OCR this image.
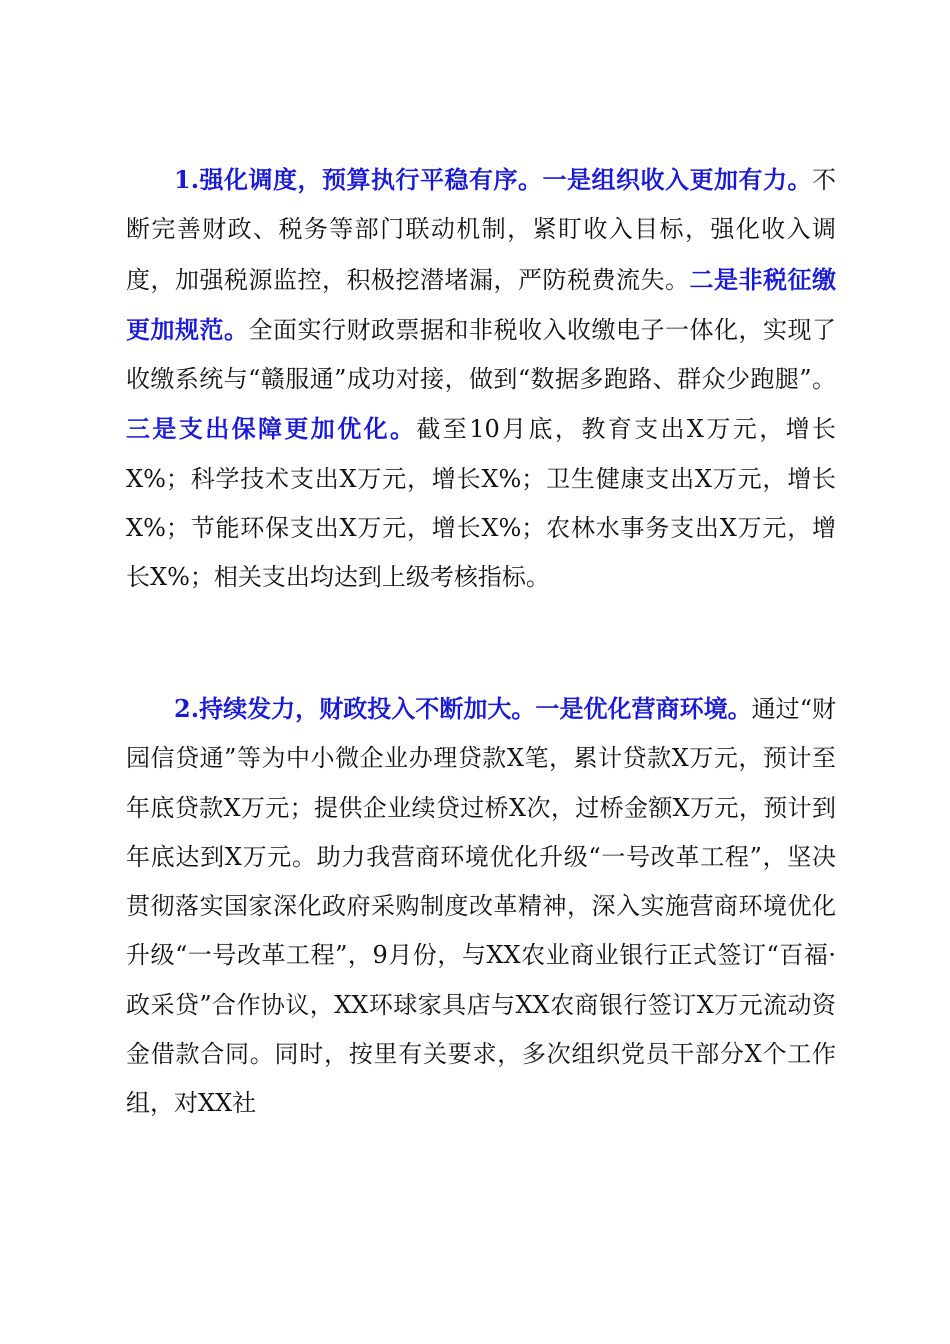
1.强化调度，预算执行平稳有序。一是组织收入更加有力。不断完善财政、税务等部门联动机制，紧盯收入目标，强化收入调度，加强税源监控，积极挖潜堵漏，严防税费流失。二是非税征缴更加规范。全面实行财政票据和非税收入收缴电子一体化，实现了收缴系统与“赣服通”成功对接，做到“数据多跑路、群众少跑腿”。三是支出保障更加优化。截至10月底，教育支出X万元，增长X%；科学技术支出X万元，增长X%；卫生健康支出X万元，增长X%；节能环保支出X万元，增长X%；农林水事务支出X万元，增长X%；相关支出均达到上级考核指标。

2.持续发力，财政投入不断加大。一是优化营商环境。通过“财园信贷通”等为中小微企业办理贷款X笔，累计贷款X万元，预计至年底贷款X万元；提供企业续贷过桥X次，过桥金额X万元，预计到年底达到X万元。助力我营商环境优化升级“一号改革工程”，坚决贯彻落实国家深化政府采购制度改革精神，深入实施营商环境优化升级“一号改革工程”，9月份，与XX农业商业银行正式签订“百福·政采贷”合作协议，XX环球家具店与XX农商银行签订X万元流动资金借款合同。同时，按里有关要求，多次组织党员干部分X个工作组，对XX社
